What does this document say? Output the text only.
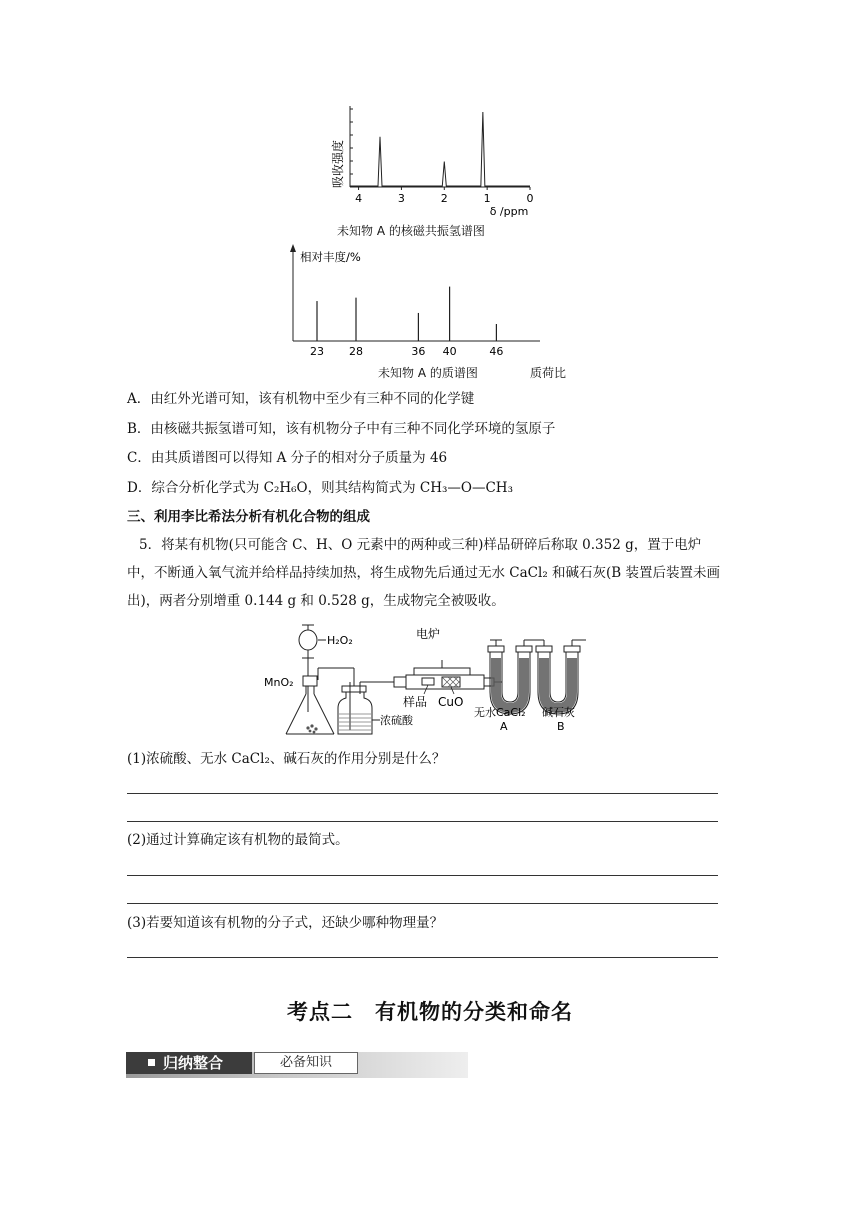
吸收强度
4	3	2	1	0
δ /ppm
未知物 A 的核磁共振氢谱图
相对丰度/%
23 28	36 40	46
未知物 A 的质谱图	质荷比
A．由红外光谱可知，该有机物中至少有三种不同的化学键
B．由核磁共振氢谱可知，该有机物分子中有三种不同化学环境的氢原子
C．由其质谱图可以得知 A 分子的相对分子质量为 46
D．综合分析化学式为 C₂H₆O，则其结构简式为 CH₃—O—CH₃
三、利用李比希法分析有机化合物的组成
5．将某有机物(只可能含 C、H、O 元素中的两种或三种)样品研碎后称取 0.352 g，置于电炉中，不断通入氧气流并给样品持续加热，将生成物先后通过无水 CaCl₂ 和碱石灰(B 装置后装置未画出)，两者分别增重 0.144 g 和 0.528 g，生成物完全被吸收。
H₂O₂
MnO₂
浓硫酸
电炉
样品 CuO
无水CaCl₂ 碱石灰
A	B
(1)浓硫酸、无水 CaCl₂、碱石灰的作用分别是什么？
(2)通过计算确定该有机物的最简式。
(3)若要知道该有机物的分子式，还缺少哪种物理量？
考点二　有机物的分类和命名
归纳整合	必备知识
